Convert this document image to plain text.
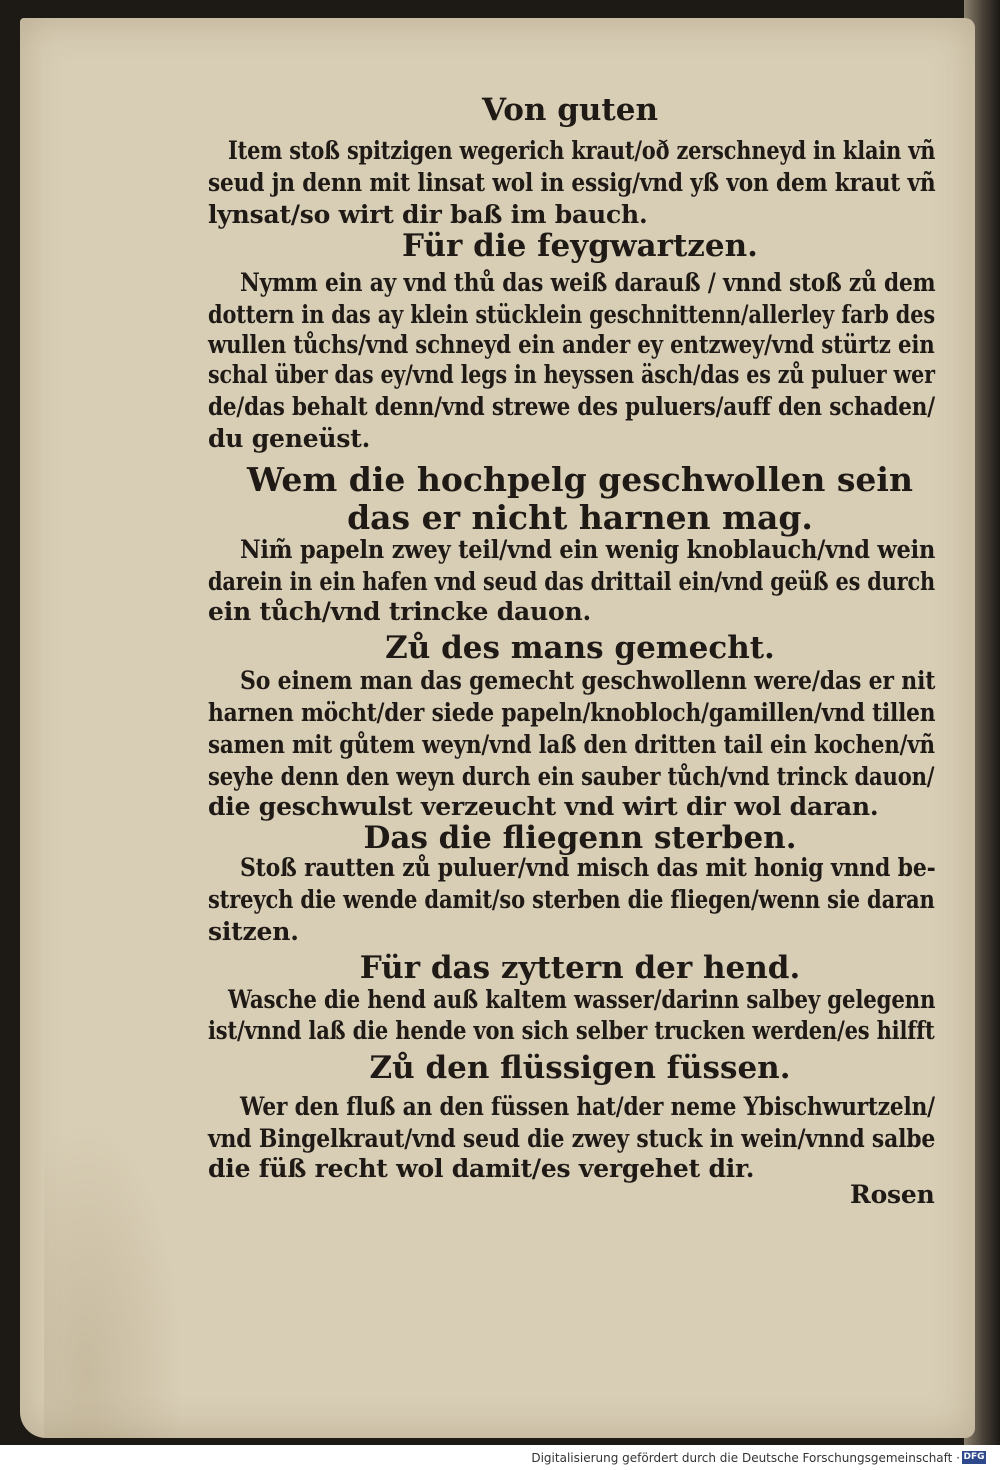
Von guten

Item stoß spitzigen wegerich kraut/oð zerschneyd in klain vñ

seud jn denn mit linsat wol in essig/vnd yß von dem kraut vñ

lynsat/so wirt dir baß im bauch.

Für die feygwartzen.

Nymm ein ay vnd thů das weiß darauß / vnnd stoß zů dem

dottern in das ay klein stücklein geschnittenn/allerley farb des

wullen tůchs/vnd schneyd ein ander ey entzwey/vnd stürtz ein

schal über das ey/vnd legs in heyssen äsch/das es zů puluer wer

de/das behalt denn/vnd strewe des puluers/auff den schaden/

du geneüst.

Wem die hochpelg geschwollen sein

das er nicht harnen mag.

Nim̃ papeln zwey teil/vnd ein wenig knoblauch/vnd wein

darein in ein hafen vnd seud das drittail ein/vnd geüß es durch

ein tůch/vnd trincke dauon.

Zů des mans gemecht.

So einem man das gemecht geschwollenn were/das er nit

harnen möcht/der siede papeln/knobloch/gamillen/vnd tillen

samen mit gůtem weyn/vnd laß den dritten tail ein kochen/vñ

seyhe denn den weyn durch ein sauber tůch/vnd trinck dauon/

die geschwulst verzeucht vnd wirt dir wol daran.

Das die fliegenn sterben.

Stoß rautten zů puluer/vnd misch das mit honig vnnd be-

streych die wende damit/so sterben die fliegen/wenn sie daran

sitzen.

Für das zyttern der hend.

Wasche die hend auß kaltem wasser/darinn salbey gelegenn

ist/vnnd laß die hende von sich selber trucken werden/es hilfft

Zů den flüssigen füssen.

Wer den fluß an den füssen hat/der neme Ybischwurtzeln/

vnd Bingelkraut/vnd seud die zwey stuck in wein/vnnd salbe

die füß recht wol damit/es vergehet dir.

Rosen

Digitalisierung gefördert durch die Deutsche Forschungsgemeinschaft · DFG
